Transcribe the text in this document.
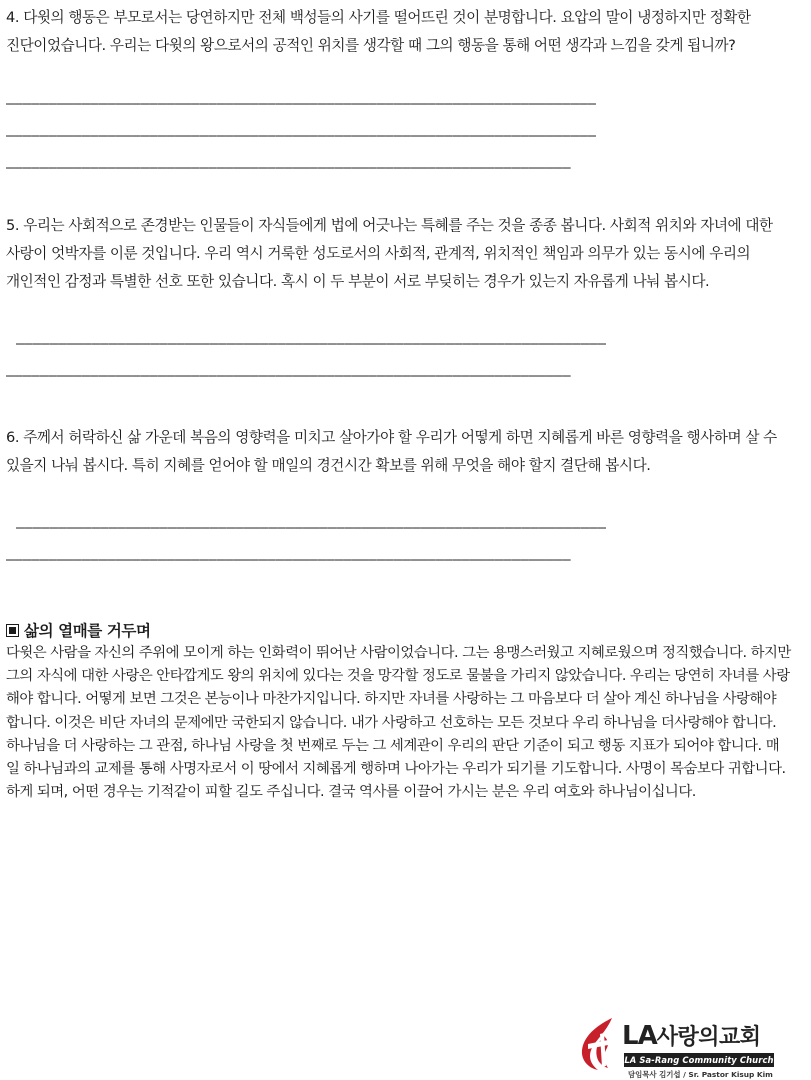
4. 다윗의 행동은 부모로서는 당연하지만 전체 백성들의 사기를 떨어뜨린 것이 분명합니다. 요압의 말이 냉정하지만 정확한 진단이었습니다. 우리는 다윗의 왕으로서의 공적인 위치를 생각할 때 그의 행동을 통해 어떤 생각과 느낌을 갖게 됩니까?

——————————————————————————————————————————————————————————————————————
——————————————————————————————————————————————————————————————————————
———————————————————————————————————————————————————————————————————

5. 우리는 사회적으로 존경받는 인물들이 자식들에게 법에 어긋나는 특혜를 주는 것을 종종 봅니다. 사회적 위치와 자녀에 대한 사랑이 엇박자를 이룬 것입니다. 우리 역시 거룩한 성도로서의 사회적, 관계적, 위치적인 책임과 의무가 있는 동시에 우리의 개인적인 감정과 특별한 선호 또한 있습니다. 혹시 이 두 부분이 서로 부딪히는 경우가 있는지 자유롭게 나눠 봅시다.

——————————————————————————————————————————————————————————————————————
———————————————————————————————————————————————————————————————————

6. 주께서 허락하신 삶 가운데 복음의 영향력을 미치고 살아가야 할 우리가 어떻게 하면 지혜롭게 바른 영향력을 행사하며 살 수 있을지 나눠 봅시다. 특히 지혜를 얻어야 할 매일의 경건시간 확보를 위해 무엇을 해야 할지 결단해 봅시다.

——————————————————————————————————————————————————————————————————————
———————————————————————————————————————————————————————————————————
삶의 열매를 거두며

다윗은 사람을 자신의 주위에 모이게 하는 인화력이 뛰어난 사람이었습니다. 그는 용맹스러웠고 지혜로웠으며 정직했습니다. 하지만 그의 자식에 대한 사랑은 안타깝게도 왕의 위치에 있다는 것을 망각할 정도로 물불을 가리지 않았습니다. 우리는 당연히 자녀를 사랑해야 합니다. 어떻게 보면 그것은 본능이나 마찬가지입니다. 하지만 자녀를 사랑하는 그 마음보다 더 살아 계신 하나님을 사랑해야 합니다. 이것은 비단 자녀의 문제에만 국한되지 않습니다. 내가 사랑하고 선호하는 모든 것보다 우리 하나님을 더사랑해야 합니다. 하나님을 더 사랑하는 그 관점, 하나님 사랑을 첫 번째로 두는 그 세계관이 우리의 판단 기준이 되고 행동 지표가 되어야 합니다. 매일 하나님과의 교제를 통해 사명자로서 이 땅에서 지혜롭게 행하며 나아가는 우리가 되기를 기도합니다. 사명이 목숨보다 귀합니다. 하게 되며, 어떤 경우는 기적같이 피할 길도 주십니다. 결국 역사를 이끌어 가시는 분은 우리 여호와 하나님이십니다.

LA사랑의교회
LA Sa-Rang Community Church
담임목사 김기섭 / Sr. Pastor Kisup Kim
